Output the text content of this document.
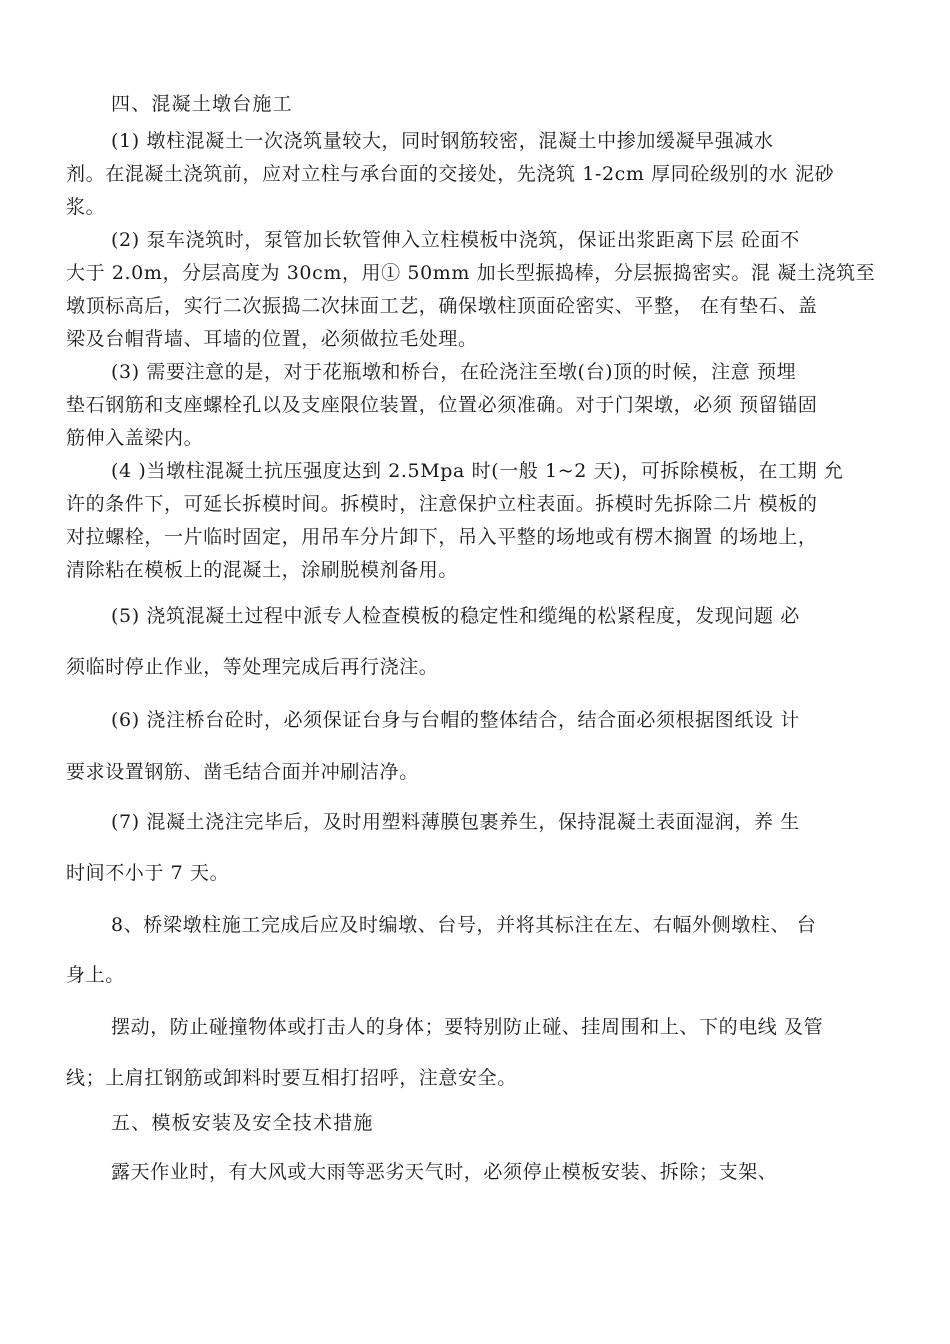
四、混凝土墩台施工
(1) 墩柱混凝土一次浇筑量较大，同时钢筋较密，混凝土中掺加缓凝早强减水
剂。在混凝土浇筑前，应对立柱与承台面的交接处，先浇筑 1-2cm 厚同砼级别的水 泥砂
浆。
(2) 泵车浇筑时，泵管加长软管伸入立柱模板中浇筑，保证出浆距离下层 砼面不
大于 2.0m，分层高度为 30cm，用① 50mm 加长型振捣棒，分层振捣密实。混 凝土浇筑至
墩顶标高后，实行二次振捣二次抹面工艺，确保墩柱顶面砼密实、平整， 在有垫石、盖
梁及台帽背墙、耳墙的位置，必须做拉毛处理。
(3) 需要注意的是，对于花瓶墩和桥台，在砼浇注至墩(台)顶的时候，注意 预埋
垫石钢筋和支座螺栓孔以及支座限位装置，位置必须准确。对于门架墩，必须 预留锚固
筋伸入盖梁内。
(4 )当墩柱混凝土抗压强度达到 2.5Mpa 时(一般 1~2 天)，可拆除模板，在工期 允
许的条件下，可延长拆模时间。拆模时，注意保护立柱表面。拆模时先拆除二片 模板的
对拉螺栓，一片临时固定，用吊车分片卸下，吊入平整的场地或有楞木搁置 的场地上，
清除粘在模板上的混凝土，涂刷脱模剂备用。
(5) 浇筑混凝土过程中派专人检查模板的稳定性和缆绳的松紧程度，发现问题 必
须临时停止作业，等处理完成后再行浇注。
(6) 浇注桥台砼时，必须保证台身与台帽的整体结合，结合面必须根据图纸设 计
要求设置钢筋、凿毛结合面并冲刷洁净。
(7) 混凝土浇注完毕后，及时用塑料薄膜包裹养生，保持混凝土表面湿润，养 生
时间不小于 7 天。
8、桥梁墩柱施工完成后应及时编墩、台号，并将其标注在左、右幅外侧墩柱、 台
身上。
摆动，防止碰撞物体或打击人的身体；要特别防止碰、挂周围和上、下的电线 及管
线；上肩扛钢筋或卸料时要互相打招呼，注意安全。
五、模板安装及安全技术措施
露天作业时，有大风或大雨等恶劣天气时，必须停止模板安装、拆除；支架、
